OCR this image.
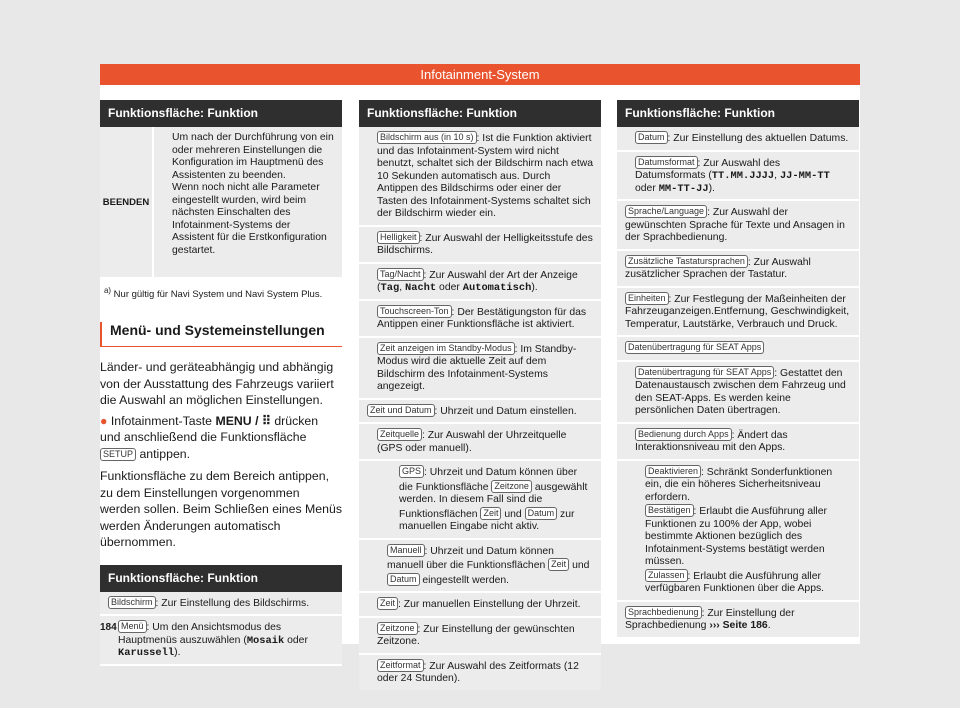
Infotainment-System
Funktionsfläche: Funktion
BEENDEN

Um nach der Durchführung von ein oder mehreren Einstellungen die Konfiguration im Hauptmenü des Assistenten zu beenden.

Wenn noch nicht alle Parameter eingestellt wurden, wird beim nächsten Einschalten des Infotainment-Systems der Assistent für die Erstkonfiguration gestartet.

$^{a)}$ Nur gültig für Navi System und Navi System Plus.
Menü- und Systemeinstellungen

Länder- und geräteabhängig und abhängig von der Ausstattung des Fahrzeugs variiert die Auswahl an möglichen Einstellungen.

● Infotainment-Taste MENU / ⠿ drücken und anschließend die Funktionsfläche SETUP antippen.

Funktionsfläche zu dem Bereich antippen, zu dem Einstellungen vorgenommen werden sollen. Beim Schließen eines Menüs werden Änderungen automatisch übernommen.

Funktionsfläche: Funktion
Bildschirm : Zur Einstellung des Bildschirms.
Menü : Um den Ansichtsmodus des Hauptmenüs auszuwählen (Mosaik oder Karussell).
Funktionsfläche: Funktion
Bildschirm aus (in 10 s) : Ist die Funktion aktiviert und das Infotainment-System wird nicht benutzt, schaltet sich der Bildschirm nach etwa 10 Sekunden automatisch aus. Durch Antippen des Bildschirms oder einer der Tasten des Infotainment-Systems schaltet sich der Bildschirm wieder ein.
Helligkeit : Zur Auswahl der Helligkeitsstufe des Bildschirms.
Tag/Nacht : Zur Auswahl der Art der Anzeige (Tag, Nacht oder Automatisch).
Touchscreen-Ton : Der Bestätigungston für das Antippen einer Funktionsfläche ist aktiviert.
Zeit anzeigen im Standby-Modus : Im Standby-Modus wird die aktuelle Zeit auf dem Bildschirm des Infotainment-Systems angezeigt.
Zeit und Datum : Uhrzeit und Datum einstellen.
Zeitquelle : Zur Auswahl der Uhrzeitquelle (GPS oder manuell).
GPS : Uhrzeit und Datum können über die Funktionsfläche Zeitzone ausgewählt werden. In diesem Fall sind die Funktionsflächen Zeit und Datum zur manuellen Eingabe nicht aktiv.
Manuell : Uhrzeit und Datum können manuell über die Funktionsflächen Zeit und Datum eingestellt werden.
Zeit : Zur manuellen Einstellung der Uhrzeit.
Zeitzone : Zur Einstellung der gewünschten Zeitzone.
Zeitformat : Zur Auswahl des Zeitformats (12 oder 24 Stunden).
Funktionsfläche: Funktion
Datum : Zur Einstellung des aktuellen Datums.
Datumsformat : Zur Auswahl des Datumsformats (TT.MM.JJJJ, JJ-MM-TT oder MM-TT-JJ).
Sprache/Language : Zur Auswahl der gewünschten Sprache für Texte und Ansagen in der Sprachbedienung.
Zusätzliche Tastatursprachen : Zur Auswahl zusätzlicher Sprachen der Tastatur.
Einheiten : Zur Festlegung der Maßeinheiten der Fahrzeuganzeigen.Entfernung, Geschwindigkeit, Temperatur, Lautstärke, Verbrauch und Druck.
Datenübertragung für SEAT Apps
Datenübertragung für SEAT Apps : Gestattet den Datenaustausch zwischen dem Fahrzeug und den SEAT-Apps. Es werden keine persönlichen Daten übertragen.
Bedienung durch Apps : Ändert das Interaktionsniveau mit den Apps.

Deaktivieren : Schränkt Sonderfunktionen ein, die ein höheres Sicherheitsniveau erfordern.

Bestätigen : Erlaubt die Ausführung aller Funktionen zu 100% der App, wobei bestimmte Aktionen bezüglich des Infotainment-Systems bestätigt werden müssen.

Zulassen : Erlaubt die Ausführung aller verfügbaren Funktionen über die Apps.

Sprachbedienung : Zur Einstellung der Sprachbedienung ››› Seite 186.
184
